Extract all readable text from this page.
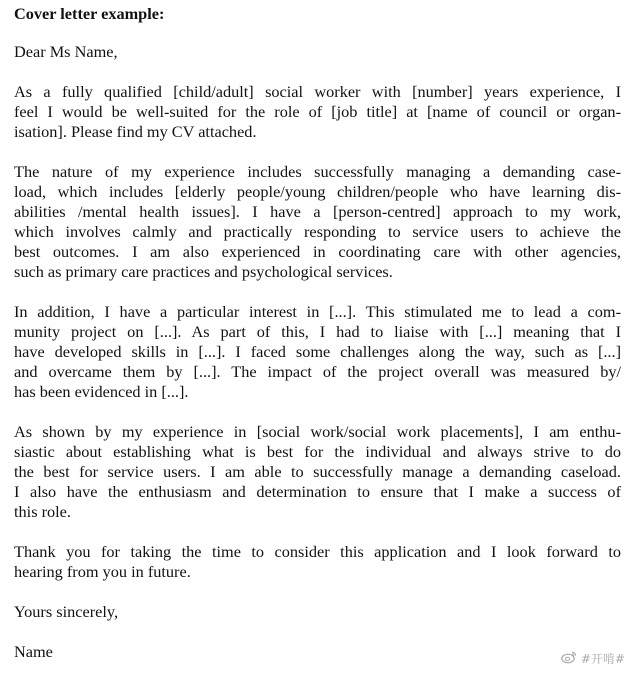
Cover letter example:
Dear Ms Name,
As a fully qualified [child/adult] social worker with [number] years experience, I
feel I would be well-suited for the role of [job title] at [name of council or organ-
isation]. Please find my CV attached.
The nature of my experience includes successfully managing a demanding case-
load, which includes [elderly people/young children/people who have learning dis-
abilities /mental health issues]. I have a [person-centred] approach to my work,
which involves calmly and practically responding to service users to achieve the
best outcomes. I am also experienced in coordinating care with other agencies,
such as primary care practices and psychological services.
In addition, I have a particular interest in [...]. This stimulated me to lead a com-
munity project on [...]. As part of this, I had to liaise with [...] meaning that I
have developed skills in [...]. I faced some challenges along the way, such as [...]
and overcame them by [...]. The impact of the project overall was measured by/
has been evidenced in [...].
As shown by my experience in [social work/social work placements], I am enthu-
siastic about establishing what is best for the individual and always strive to do
the best for service users. I am able to successfully manage a demanding caseload.
I also have the enthusiasm and determination to ensure that I make a success of
this role.
Thank you for taking the time to consider this application and I look forward to
hearing from you in future.
Yours sincerely,
Name	#开啃#
